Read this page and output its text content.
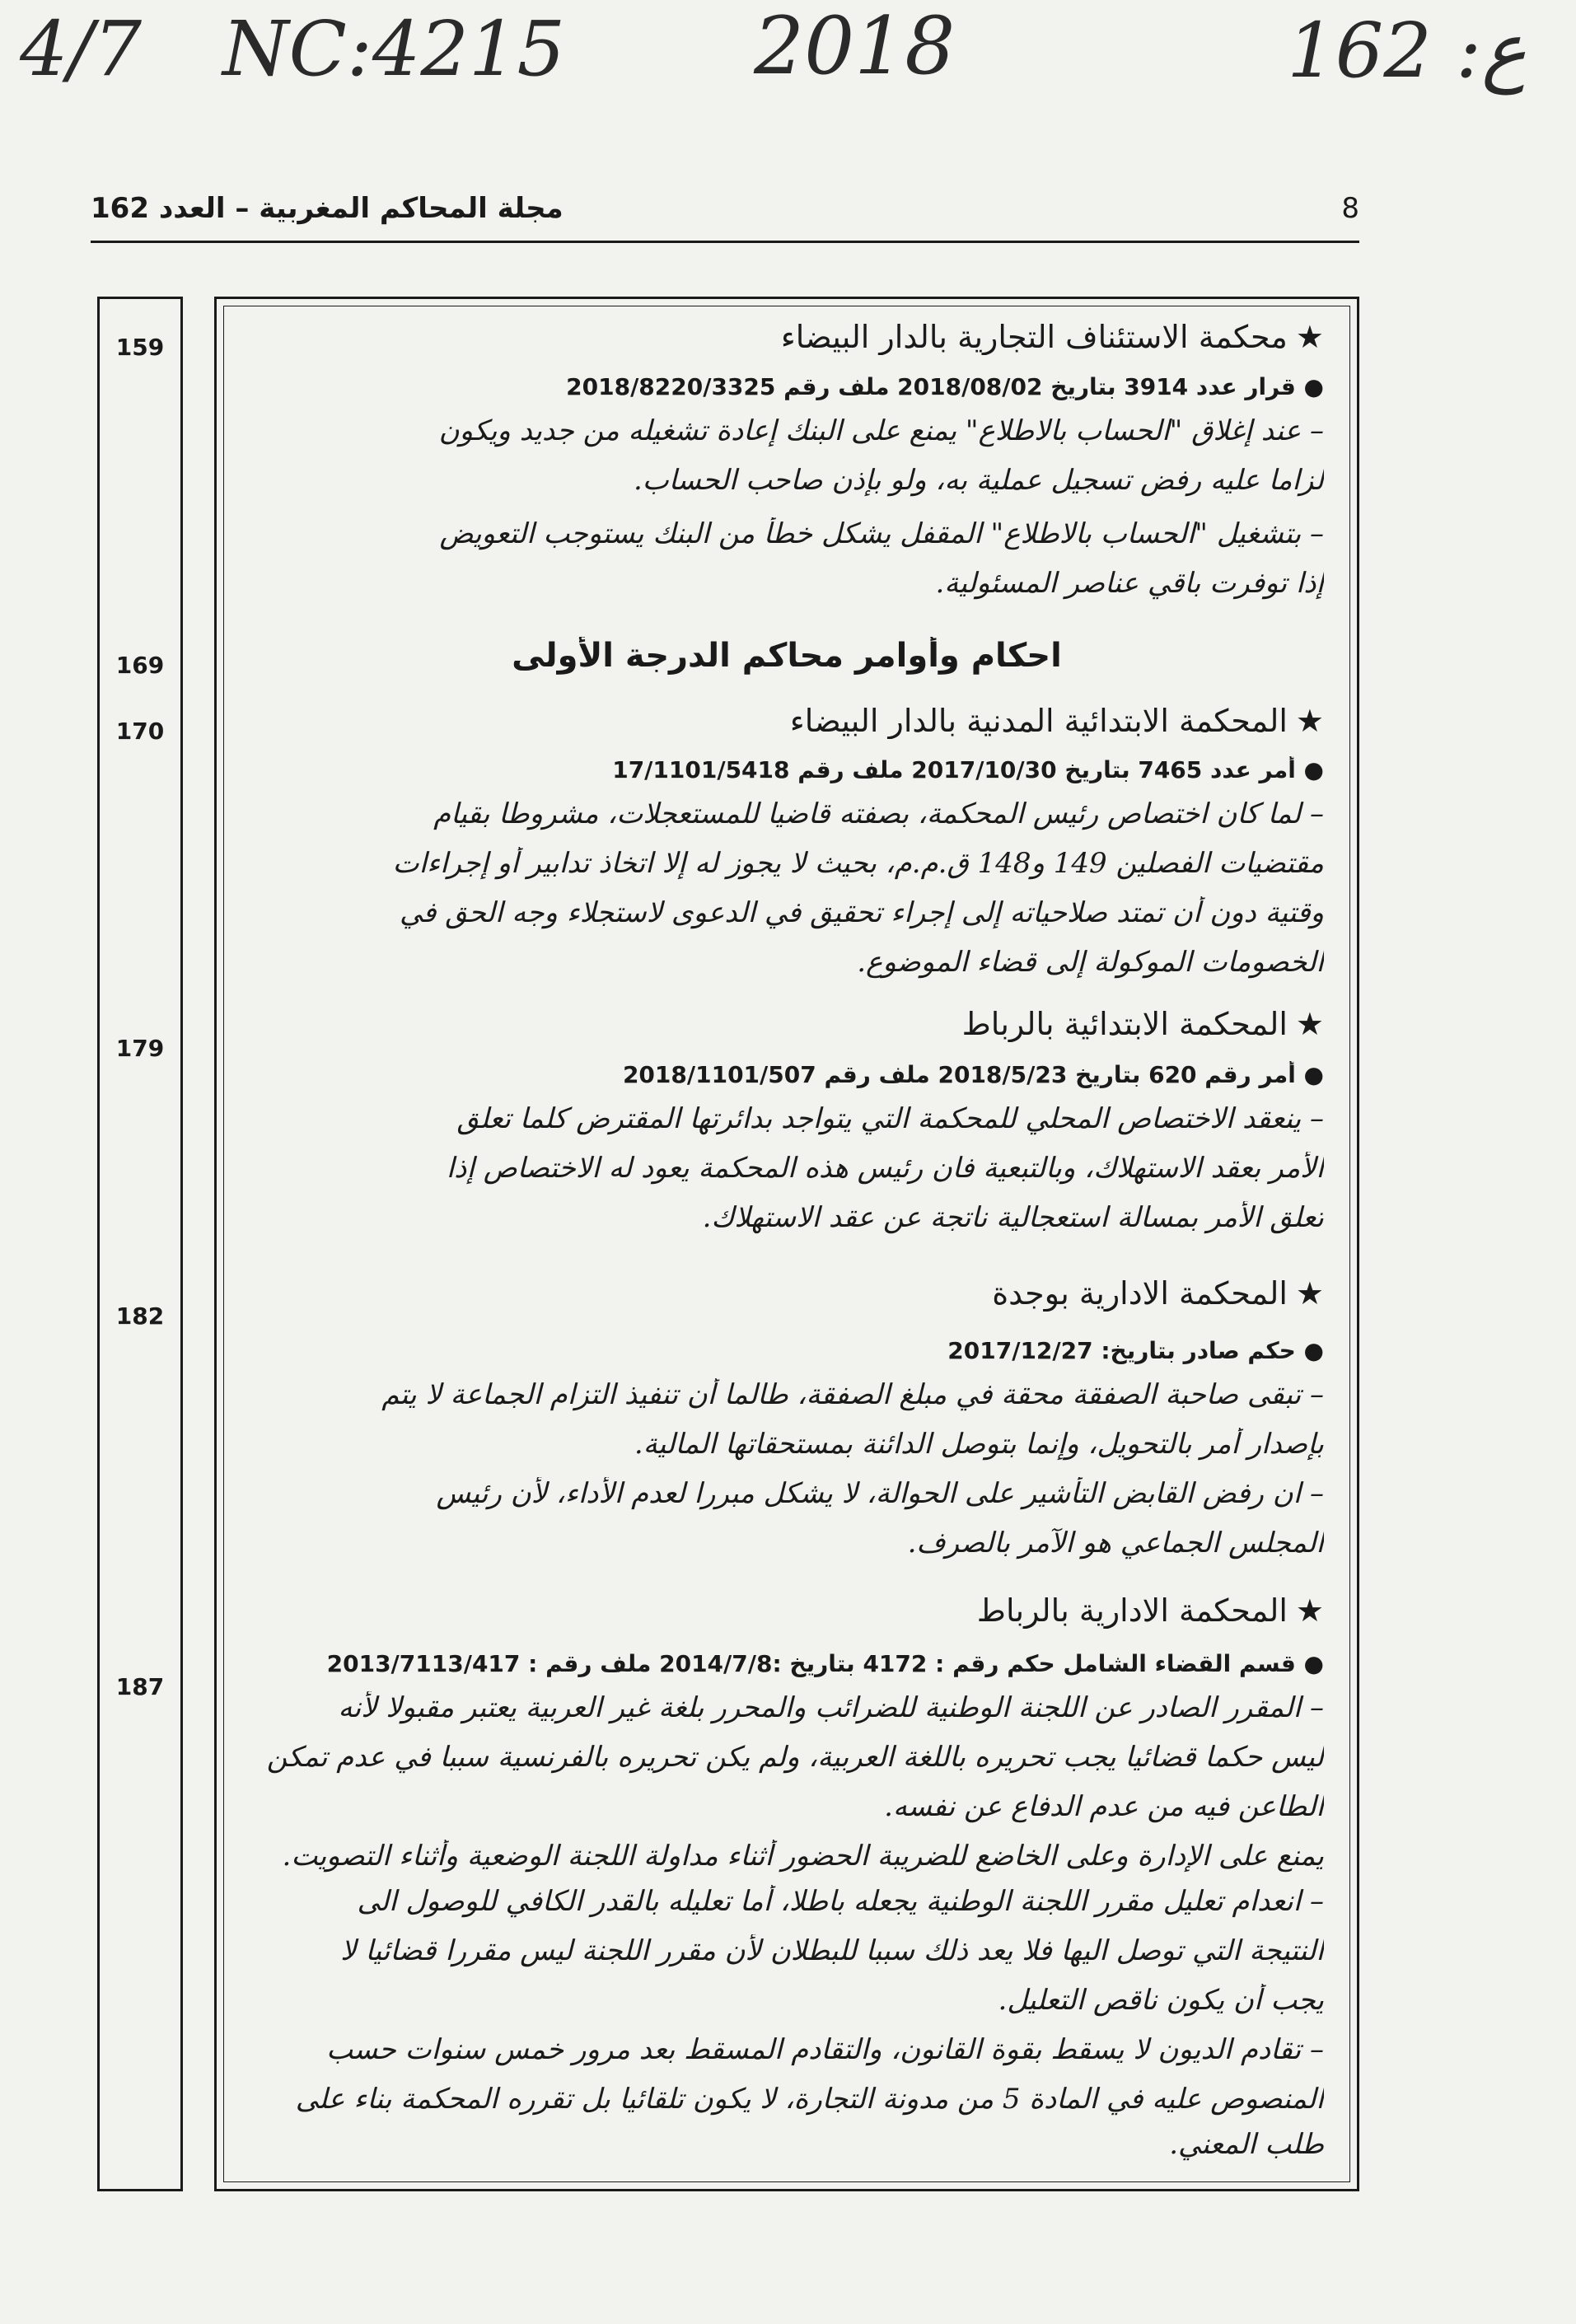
4/7 NC:4215 2018	ع: 162
مجلة المحاكم المغربية – العدد 162	8
159
169
170
179
182
187
★محكمة الاستئناف التجارية بالدار البيضاء
● قرار عدد 3914 بتاريخ 2018/08/02 ملف رقم 2018/8220/3325
– عند إغلاق "الحساب بالاطلاع" يمنع على البنك إعادة تشغيله من جديد ويكون
لزاما عليه رفض تسجيل عملية به، ولو بإذن صاحب الحساب.
– بتشغيل "الحساب بالاطلاع" المقفل يشكل خطأ من البنك يستوجب التعويض
إذا توفرت باقي عناصر المسئولية.
احكام وأوامر محاكم الدرجة الأولى
★المحكمة الابتدائية المدنية بالدار البيضاء
● أمر عدد 7465 بتاريخ 2017/10/30 ملف رقم 17/1101/5418
– لما كان اختصاص رئيس المحكمة، بصفته قاضيا للمستعجلات، مشروطا بقيام
مقتضيات الفصلين 149 و148 ق.م.م، بحيث لا يجوز له إلا اتخاذ تدابير أو إجراءات
وقتية دون أن تمتد صلاحياته إلى إجراء تحقيق في الدعوى لاستجلاء وجه الحق في
الخصومات الموكولة إلى قضاء الموضوع.
★المحكمة الابتدائية بالرباط
● أمر رقم 620 بتاريخ 2018/5/23 ملف رقم 2018/1101/507
– ينعقد الاختصاص المحلي للمحكمة التي يتواجد بدائرتها المقترض كلما تعلق
الأمر بعقد الاستهلاك، وبالتبعية فان رئيس هذه المحكمة يعود له الاختصاص إذا
تعلق الأمر بمسالة استعجالية ناتجة عن عقد الاستهلاك.
★المحكمة الادارية بوجدة
● حكم صادر بتاريخ: 2017/12/27
– تبقى صاحبة الصفقة محقة في مبلغ الصفقة، طالما أن تنفيذ التزام الجماعة لا يتم
بإصدار أمر بالتحويل، وإنما بتوصل الدائنة بمستحقاتها المالية.
– ان رفض القابض التأشير على الحوالة، لا يشكل مبررا لعدم الأداء، لأن رئيس
المجلس الجماعي هو الآمر بالصرف.
★المحكمة الادارية بالرباط
● قسم القضاء الشامل حكم رقم : 4172 بتاريخ :2014/7/8 ملف رقم : 2013/7113/417
– المقرر الصادر عن اللجنة الوطنية للضرائب والمحرر بلغة غير العربية يعتبر مقبولا لأنه
ليس حكما قضائيا يجب تحريره باللغة العربية، ولم يكن تحريره بالفرنسية سببا في عدم تمكن
الطاعن فيه من عدم الدفاع عن نفسه.
يمنع على الإدارة وعلى الخاضع للضريبة الحضور أثناء مداولة اللجنة الوضعية وأثناء التصويت.
– انعدام تعليل مقرر اللجنة الوطنية يجعله باطلا، أما تعليله بالقدر الكافي للوصول الى
النتيجة التي توصل اليها فلا يعد ذلك سببا للبطلان لأن مقرر اللجنة ليس مقررا قضائيا لا
يجب أن يكون ناقص التعليل.
– تقادم الديون لا يسقط بقوة القانون، والتقادم المسقط بعد مرور خمس سنوات حسب
المنصوص عليه في المادة 5 من مدونة التجارة، لا يكون تلقائيا بل تقرره المحكمة بناء على
طلب المعني.
